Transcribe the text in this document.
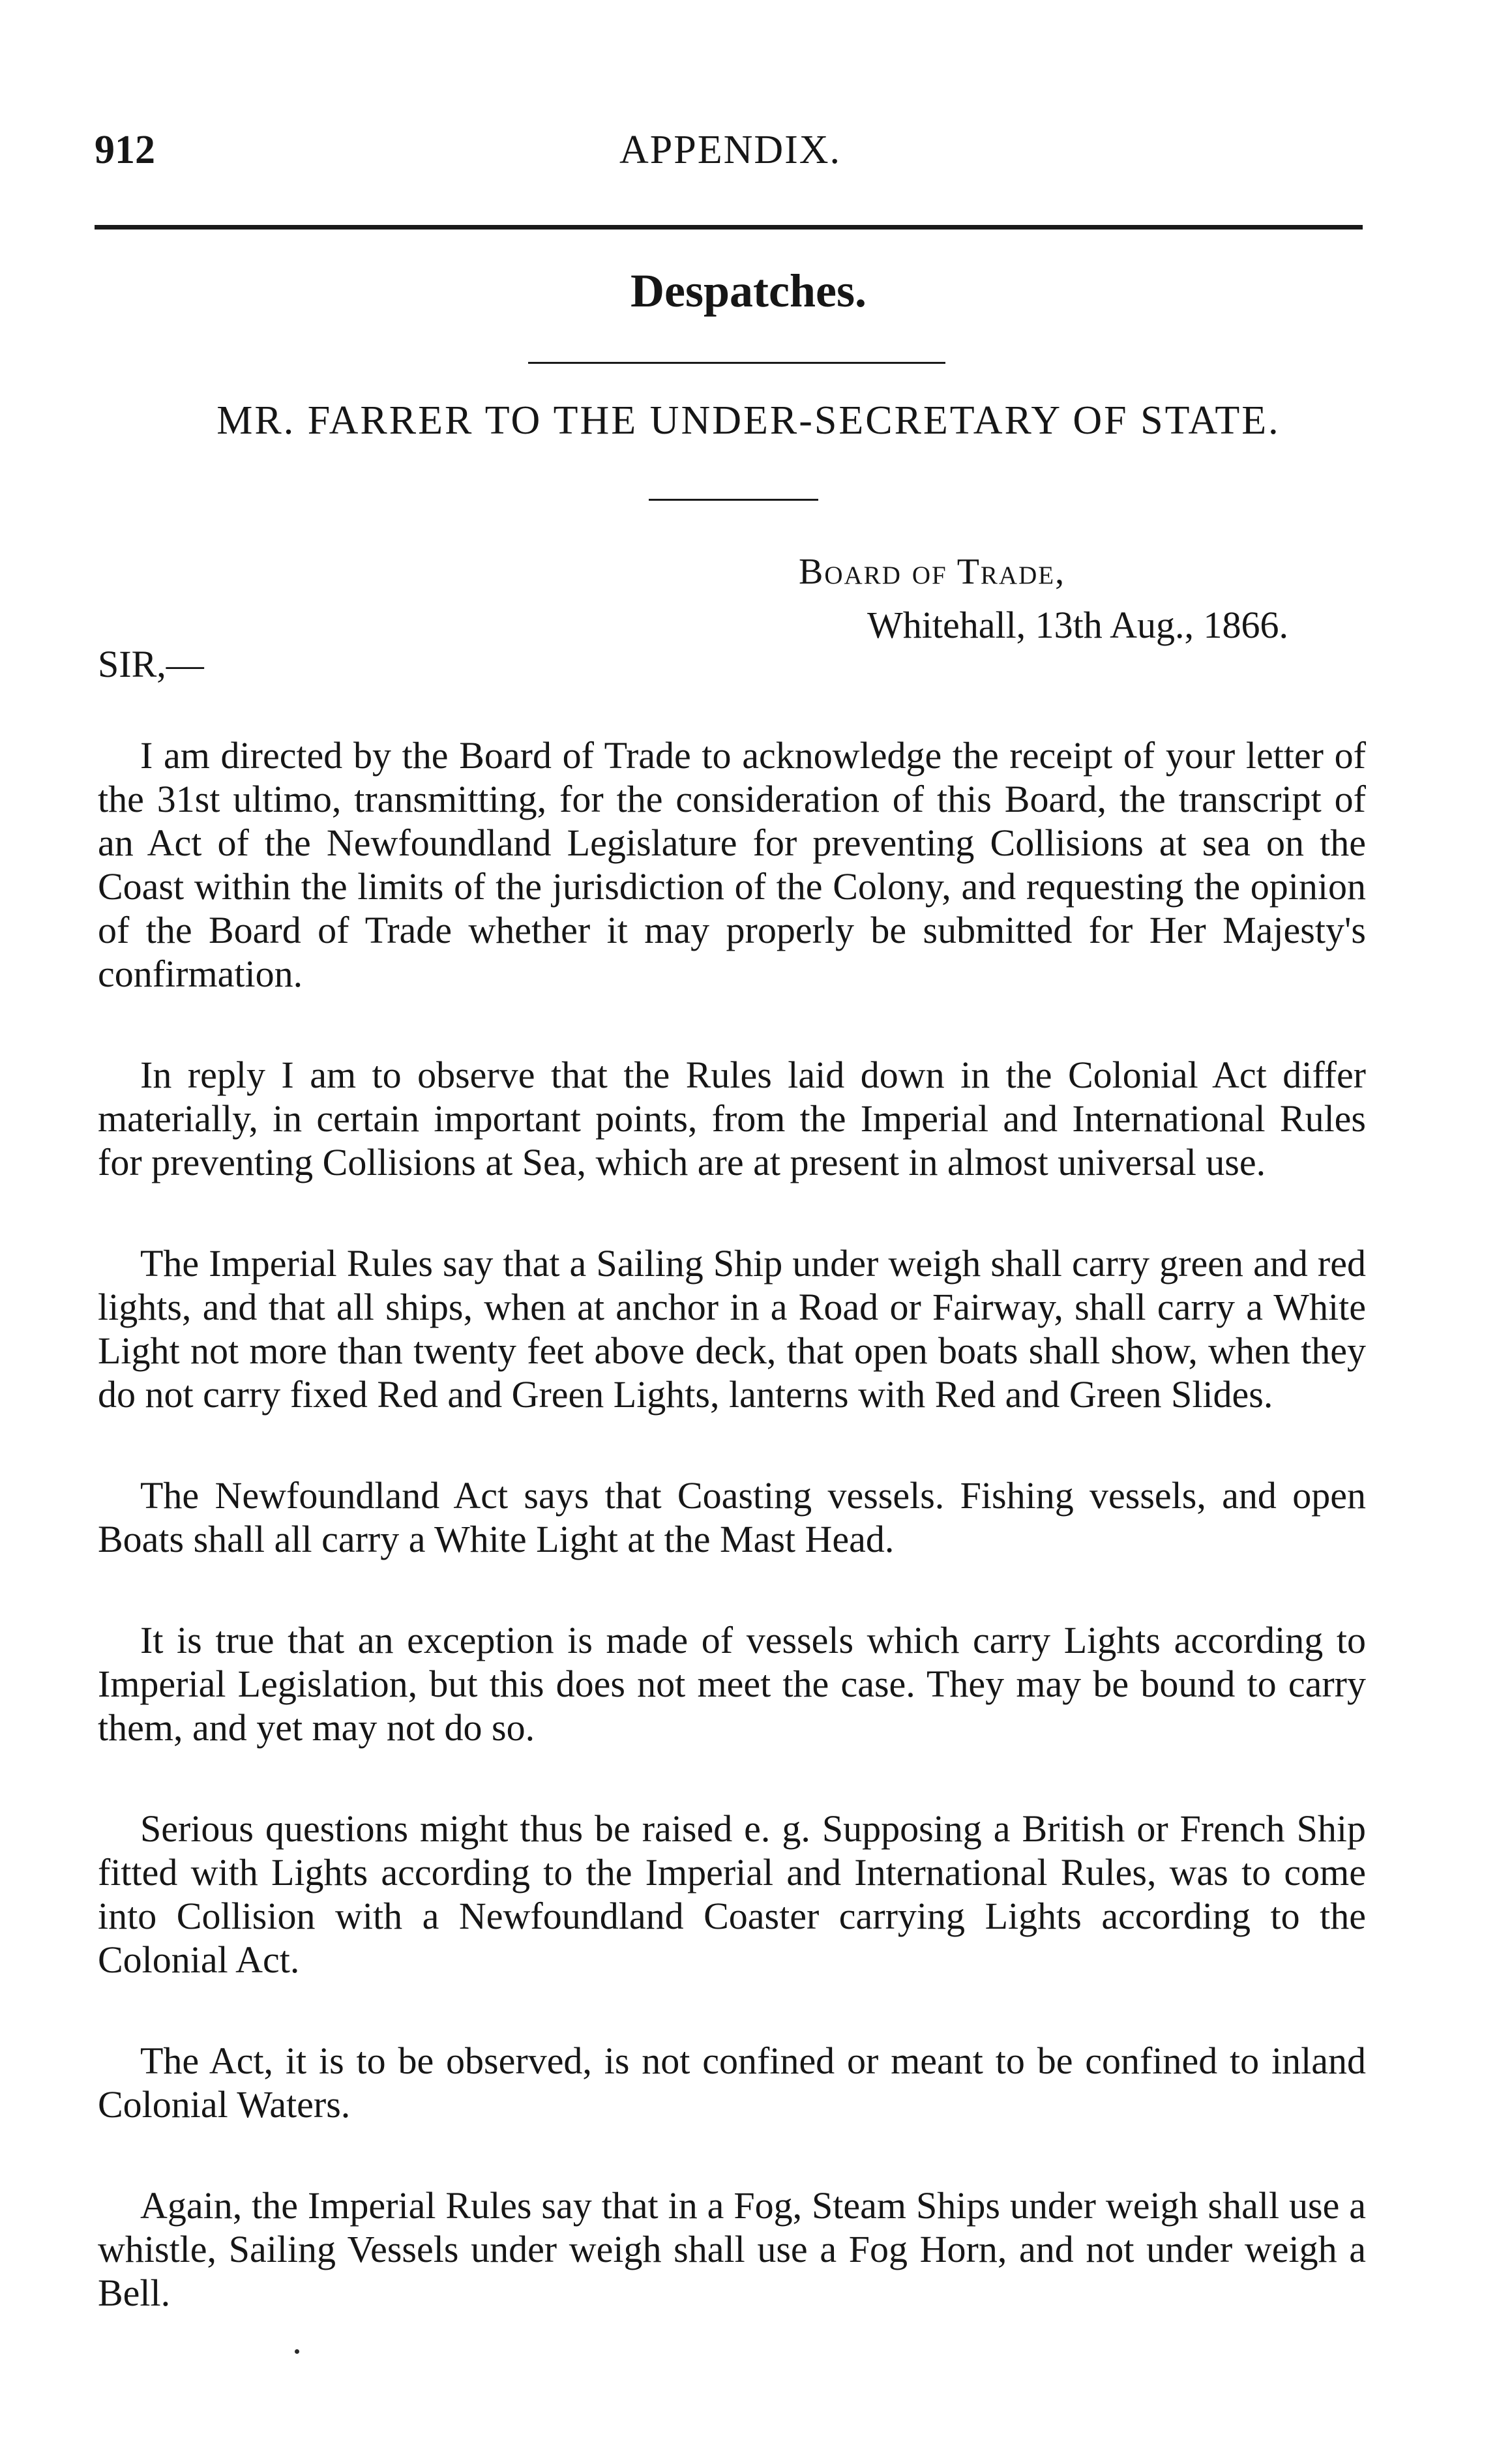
912	APPENDIX.
Despatches.
MR. FARRER TO THE UNDER-SECRETARY OF STATE.
Board of Trade,
Whitehall, 13th Aug., 1866.
SIR,—

I am directed by the Board of Trade to acknowledge the receipt of your letter of the 31st ultimo, transmitting, for the consideration of this Board, the transcript of an Act of the Newfoundland Legislature for preventing Collisions at sea on the Coast within the limits of the jurisdiction of the Colony, and requesting the opinion of the Board of Trade whether it may properly be submitted for Her Majesty's confirmation.

In reply I am to observe that the Rules laid down in the Colonial Act differ materially, in certain important points, from the Imperial and International Rules for preventing Collisions at Sea, which are at present in almost universal use.

The Imperial Rules say that a Sailing Ship under weigh shall carry green and red lights, and that all ships, when at anchor in a Road or Fairway, shall carry a White Light not more than twenty feet above deck, that open boats shall show, when they do not carry fixed Red and Green Lights, lanterns with Red and Green Slides.

The Newfoundland Act says that Coasting vessels. Fishing vessels, and open Boats shall all carry a White Light at the Mast Head.

It is true that an exception is made of vessels which carry Lights according to Imperial Legislation, but this does not meet the case. They may be bound to carry them, and yet may not do so.

Serious questions might thus be raised e. g. Supposing a British or French Ship fitted with Lights according to the Imperial and International Rules, was to come into Collision with a Newfoundland Coaster carrying Lights according to the Colonial Act.

The Act, it is to be observed, is not confined or meant to be confined to inland Colonial Waters.

Again, the Imperial Rules say that in a Fog, Steam Ships under weigh shall use a whistle, Sailing Vessels under weigh shall use a Fog Horn, and not under weigh a Bell.
